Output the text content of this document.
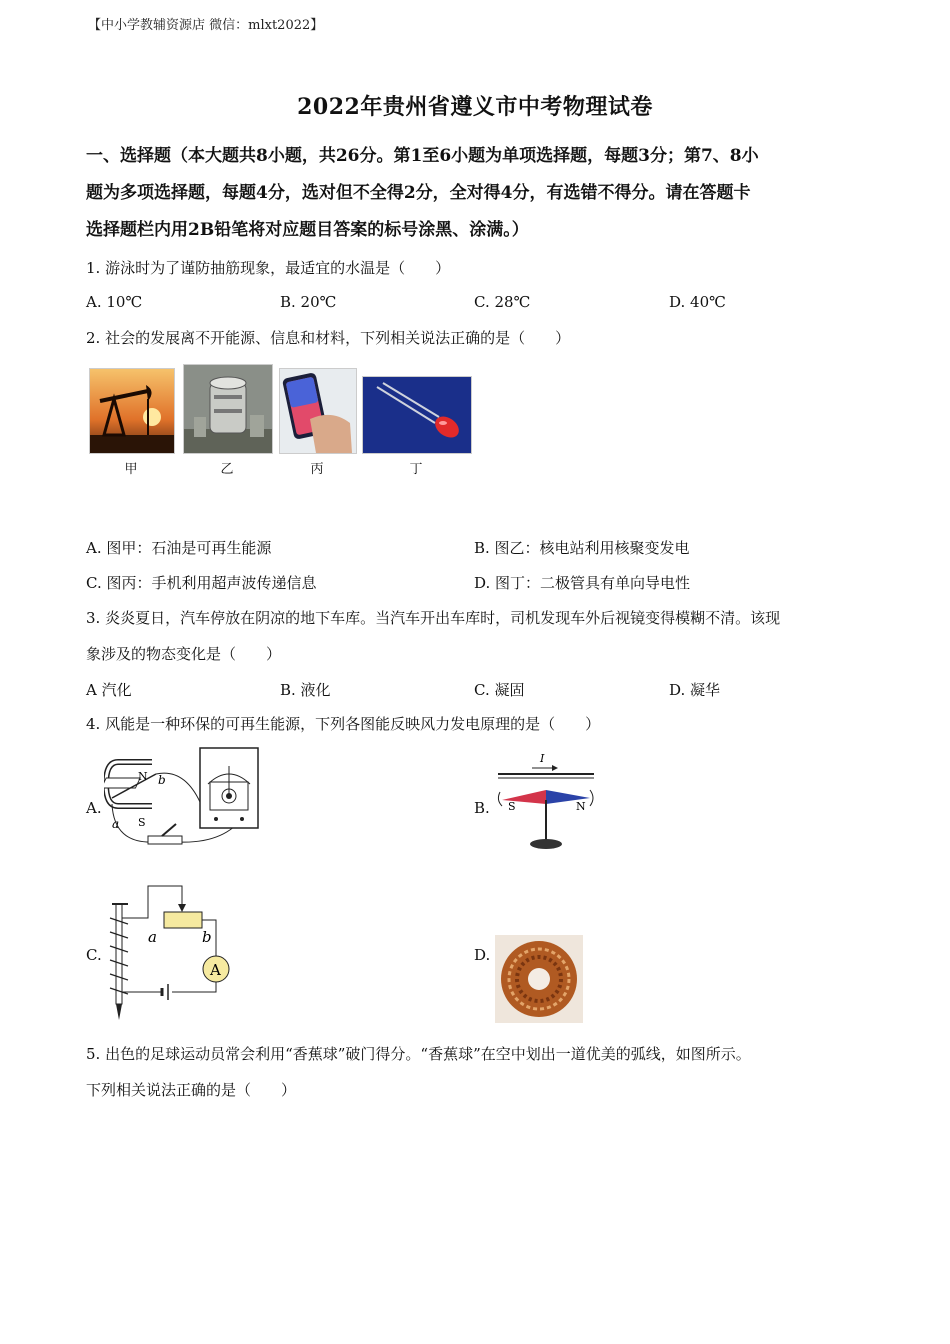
【中小学教辅资源店 微信：mlxt2022】
2022年贵州省遵义市中考物理试卷
一、选择题（本大题共8小题，共26分。第1至6小题为单项选择题，每题3分；第7、8小
题为多项选择题，每题4分，选对但不全得2分，全对得4分，有选错不得分。请在答题卡
选择题栏内用2B铅笔将对应题目答案的标号涂黑、涂满。）
1. 游泳时为了谨防抽筋现象，最适宜的水温是（　　）
A. 10℃	B. 20℃	C. 28℃	D. 40℃
2. 社会的发展离不开能源、信息和材料，下列相关说法正确的是（　　）
甲	乙	丙	丁
A. 图甲：石油是可再生能源	B. 图乙：核电站利用核聚变发电
C. 图丙：手机利用超声波传递信息	D. 图丁：二极管具有单向导电性
3. 炎炎夏日，汽车停放在阴凉的地下车库。当汽车开出车库时，司机发现车外后视镜变得模糊不清。该现
象涉及的物态变化是（　　）
A 汽化	B. 液化	C. 凝固	D. 凝华
4. 风能是一种环保的可再生能源，下列各图能反映风力发电原理的是（　　）
A.
N
S
a
b
B.
I
S	N
C.
a	b
A
D.
5. 出色的足球运动员常会利用“香蕉球”破门得分。“香蕉球”在空中划出一道优美的弧线，如图所示。
下列相关说法正确的是（　　）
